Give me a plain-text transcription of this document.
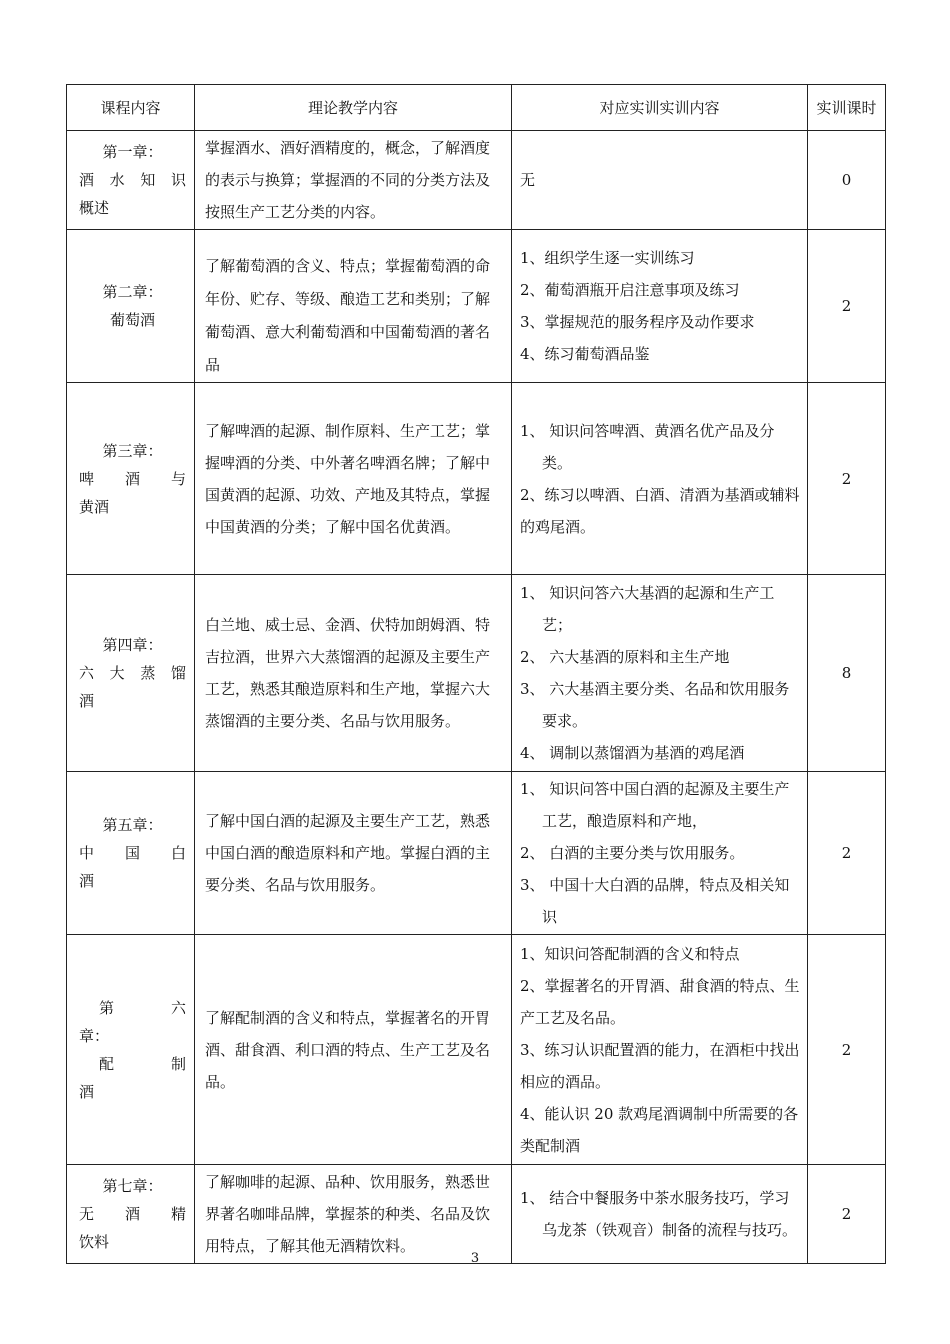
课程内容	理论教学内容	对应实训实训内容	实训课时

第一章：
酒水知识
概述	掌握酒水、酒好酒精度的，概念，了解酒度的表示与换算；掌握酒的不同的分类方法及按照生产工艺分类的内容。	无	0

第二章：
葡萄酒	了解葡萄酒的含义、特点；掌握葡萄酒的命年份、贮存、等级、酿造工艺和类别；了解葡萄酒、意大利葡萄酒和中国葡萄酒的著名品	1、组织学生逐一实训练习
2、葡萄酒瓶开启注意事项及练习
3、掌握规范的服务程序及动作要求
4、练习葡萄酒品鉴	2

第三章：
啤酒与
黄酒	了解啤酒的起源、制作原料、生产工艺；掌握啤酒的分类、中外著名啤酒名牌；了解中国黄酒的起源、功效、产地及其特点，掌握中国黄酒的分类；了解中国名优黄酒。	1、 知识问答啤酒、黄酒名优产品及分类。
2、练习以啤酒、白酒、清酒为基酒或辅料的鸡尾酒。	2

第四章：
六大蒸馏
酒	白兰地、威士忌、金酒、伏特加朗姆酒、特吉拉酒，世界六大蒸馏酒的起源及主要生产工艺，熟悉其酿造原料和生产地，掌握六大蒸馏酒的主要分类、名品与饮用服务。	1、 知识问答六大基酒的起源和生产工艺；
2、 六大基酒的原料和主生产地
3、 六大基酒主要分类、名品和饮用服务要求。
4、 调制以蒸馏酒为基酒的鸡尾酒	8

第五章：
中国白
酒	了解中国白酒的起源及主要生产工艺，熟悉中国白酒的酿造原料和产地。掌握白酒的主要分类、名品与饮用服务。	1、 知识问答中国白酒的起源及主要生产工艺，酿造原料和产地，
2、 白酒的主要分类与饮用服务。
3、 中国十大白酒的品牌，特点及相关知识	2

第六
章：
配制
酒	了解配制酒的含义和特点，掌握著名的开胃酒、甜食酒、利口酒的特点、生产工艺及名品。	1、知识问答配制酒的含义和特点
2、掌握著名的开胃酒、甜食酒的特点、生产工艺及名品。
3、练习认识配置酒的能力，在酒柜中找出相应的酒品。
4、能认识 20 款鸡尾酒调制中所需要的各类配制酒	2

第七章：
无酒精
饮料	了解咖啡的起源、品种、饮用服务，熟悉世界著名咖啡品牌，掌握茶的种类、名品及饮用特点，了解其他无酒精饮料。	1、 结合中餐服务中茶水服务技巧，学习乌龙茶（铁观音）制备的流程与技巧。	2
3
